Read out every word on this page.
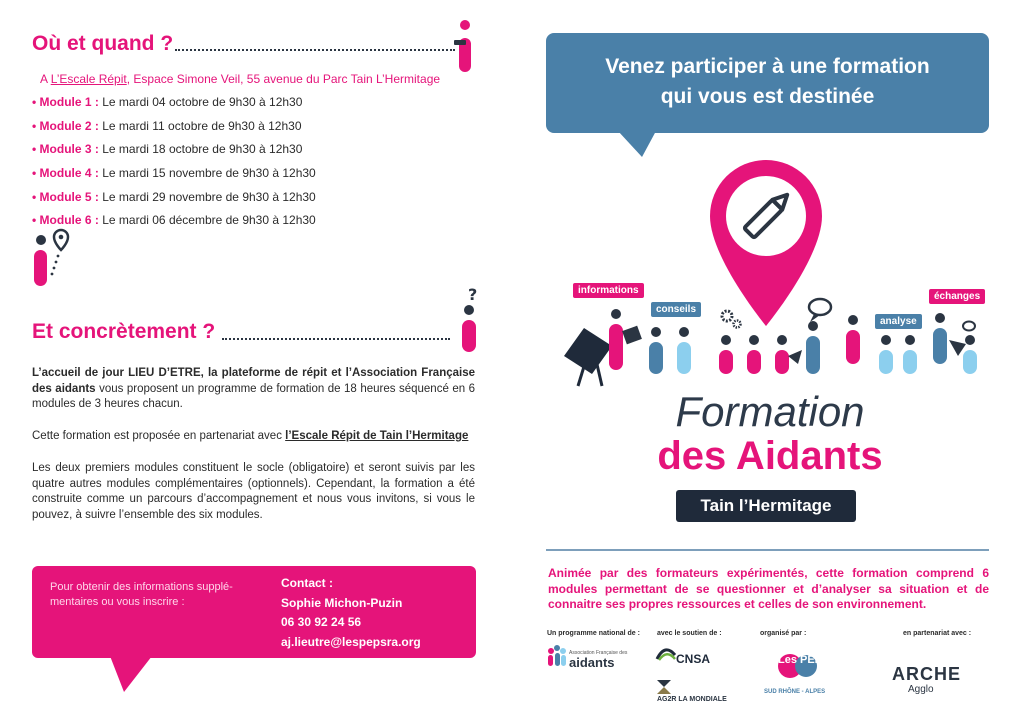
Où et quand ?
A L’Escale Répit, Espace Simone Veil, 55 avenue du Parc Tain L’Hermitage
• Module 1 : Le mardi 04 octobre de 9h30 à 12h30
• Module 2 : Le mardi 11 octobre de 9h30 à 12h30
• Module 3 : Le mardi 18 octobre de 9h30 à 12h30
• Module 4 : Le mardi 15 novembre de 9h30 à 12h30
• Module 5 : Le mardi 29 novembre de 9h30 à 12h30
• Module 6 : Le mardi 06 décembre de 9h30 à 12h30
?
Et concrètement ?
L’accueil de jour LIEU D’ETRE, la plateforme de répit et l’Association Française des aidants vous proposent un programme de formation de 18 heures séquencé en 6 modules de 3 heures chacun.
Cette formation est proposée en partenariat avec l’Escale Répit de Tain l’Hermitage
Les deux premiers modules constituent le socle (obligatoire) et seront suivis par les quatre autres modules complémentaires (optionnels). Cependant, la formation a été construite comme un parcours d’accompagnement et nous vous invitons, si vous le pouvez, à suivre l’ensemble des six modules.
Pour obtenir des informations supplé- mentaires ou vous inscrire :
Contact :
Sophie Michon-Puzin
06 30 92 24 56
aj.lieutre@lespepsra.org
Venez participer à une formation
qui vous est destinée
informations
conseils
analyse
échanges
Formation
des Aidants
Tain l’Hermitage
Animée par des formateurs expérimentés, cette formation comprend 6 modules permettant de se questionner et d’analyser sa situation et de connaitre ses propres ressources et celles de son environnement.
Un programme national de : avec le soutien de :	organisé par :	en partenariat avec :
Association Française des
aidants	CNSA
AG2R LA MONDIALE
Les PEP
SUD RHÔNE - ALPES
ARCHE
Agglo
